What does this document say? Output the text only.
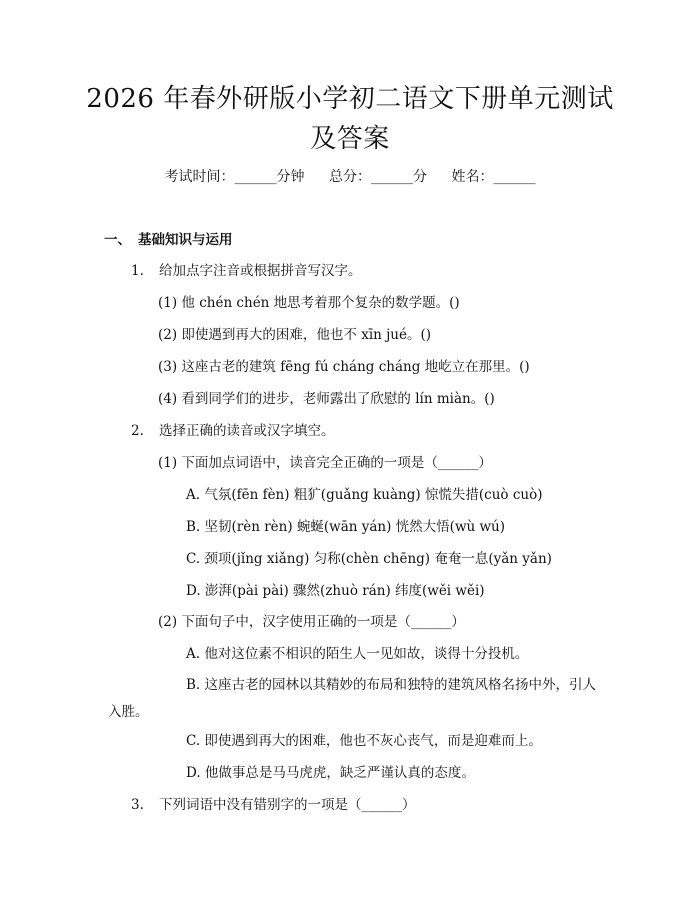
2026 年春外研版小学初二语文下册单元测试
及答案
考试时间：______分钟 总分：______分 姓名：______
一、 基础知识与运用
1. 给加点字注音或根据拼音写汉字。
(1) 他 chén chén 地思考着那个复杂的数学题。()
(2) 即使遇到再大的困难，他也不 xīn jué。()
(3) 这座古老的建筑 fēng fú cháng cháng 地屹立在那里。()
(4) 看到同学们的进步，老师露出了欣慰的 lín miàn。()
2. 选择正确的读音或汉字填空。
(1) 下面加点词语中，读音完全正确的一项是（______）
A. 气氛(fēn fèn) 粗犷(guǎng kuàng) 惊慌失措(cuò cuò)
B. 坚韧(rèn rèn) 蜿蜒(wān yán) 恍然大悟(wù wú)
C. 颈项(jǐng xiǎng) 匀称(chèn chēng) 奄奄一息(yǎn yǎn)
D. 澎湃(pài pài) 骤然(zhuò rán) 纬度(wěi wěi)
(2) 下面句子中，汉字使用正确的一项是（______）
A. 他对这位素不相识的陌生人一见如故，谈得十分投机。
B. 这座古老的园林以其精妙的布局和独特的建筑风格名扬中外，引人入胜。
C. 即使遇到再大的困难，他也不灰心丧气，而是迎难而上。
D. 他做事总是马马虎虎，缺乏严谨认真的态度。
3. 下列词语中没有错别字的一项是（______）
